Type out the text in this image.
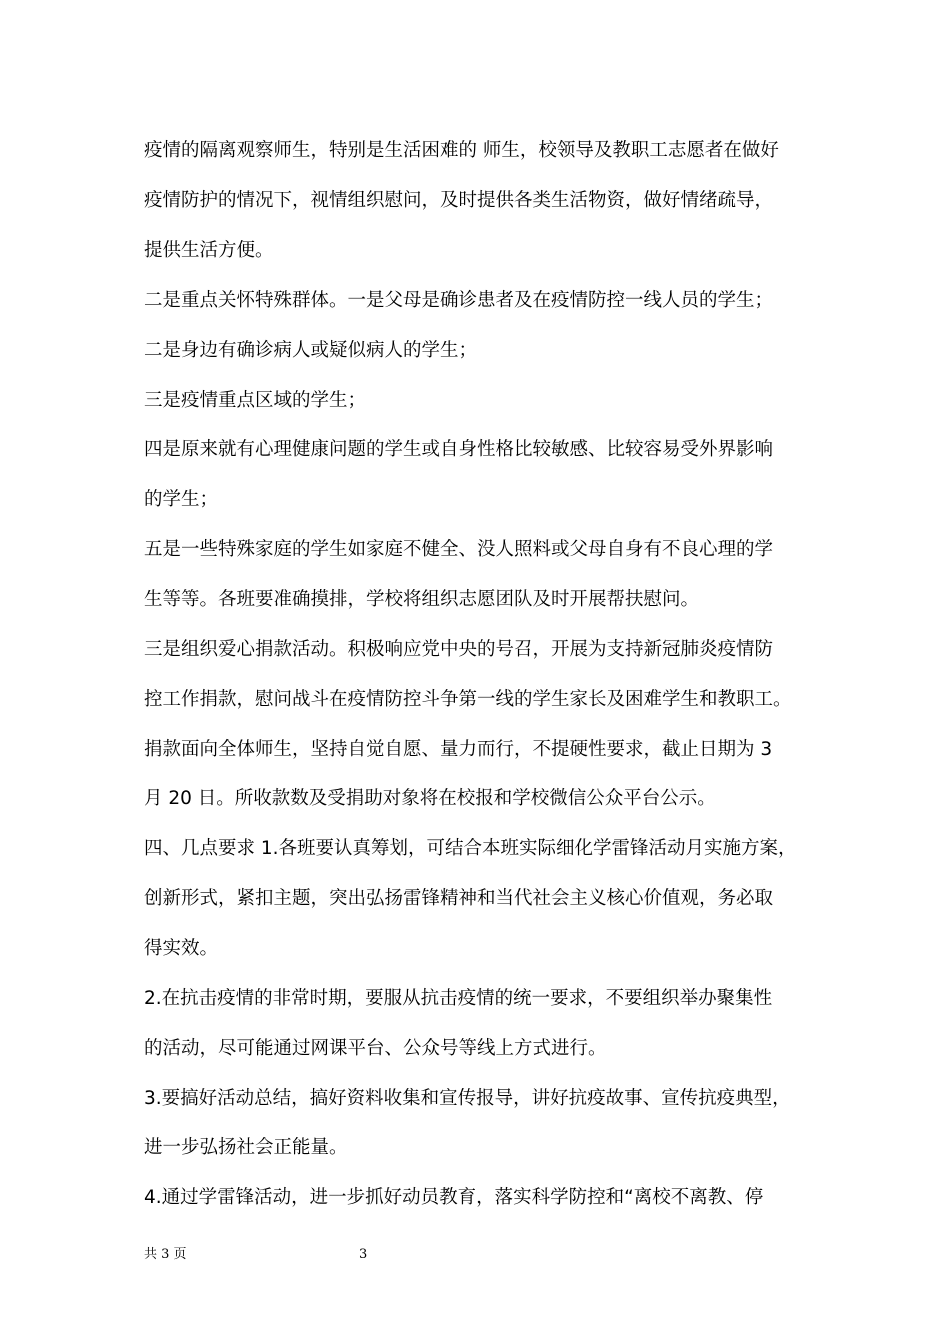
疫情的隔离观察师生，特别是生活困难的 师生，校领导及教职工志愿者在做好
疫情防护的情况下，视情组织慰问，及时提供各类生活物资，做好情绪疏导，
提供生活方便。
二是重点关怀特殊群体。一是父母是确诊患者及在疫情防控一线人员的学生；
二是身边有确诊病人或疑似病人的学生；
三是疫情重点区域的学生；
四是原来就有心理健康问题的学生或自身性格比较敏感、比较容易受外界影响
的学生；
五是一些特殊家庭的学生如家庭不健全、没人照料或父母自身有不良心理的学
生等等。各班要准确摸排，学校将组织志愿团队及时开展帮扶慰问。
三是组织爱心捐款活动。积极响应党中央的号召，开展为支持新冠肺炎疫情防
控工作捐款，慰问战斗在疫情防控斗争第一线的学生家长及困难学生和教职工。
捐款面向全体师生，坚持自觉自愿、量力而行，不提硬性要求，截止日期为 3
月 20 日。所收款数及受捐助对象将在校报和学校微信公众平台公示。
四、几点要求 1.各班要认真筹划，可结合本班实际细化学雷锋活动月实施方案，
创新形式，紧扣主题，突出弘扬雷锋精神和当代社会主义核心价值观，务必取
得实效。
2.在抗击疫情的非常时期，要服从抗击疫情的统一要求，不要组织举办聚集性
的活动，尽可能通过网课平台、公众号等线上方式进行。
3.要搞好活动总结，搞好资料收集和宣传报导，讲好抗疫故事、宣传抗疫典型，
进一步弘扬社会正能量。
4.通过学雷锋活动，进一步抓好动员教育，落实科学防控和“离校不离教、停
共 3 页	3
